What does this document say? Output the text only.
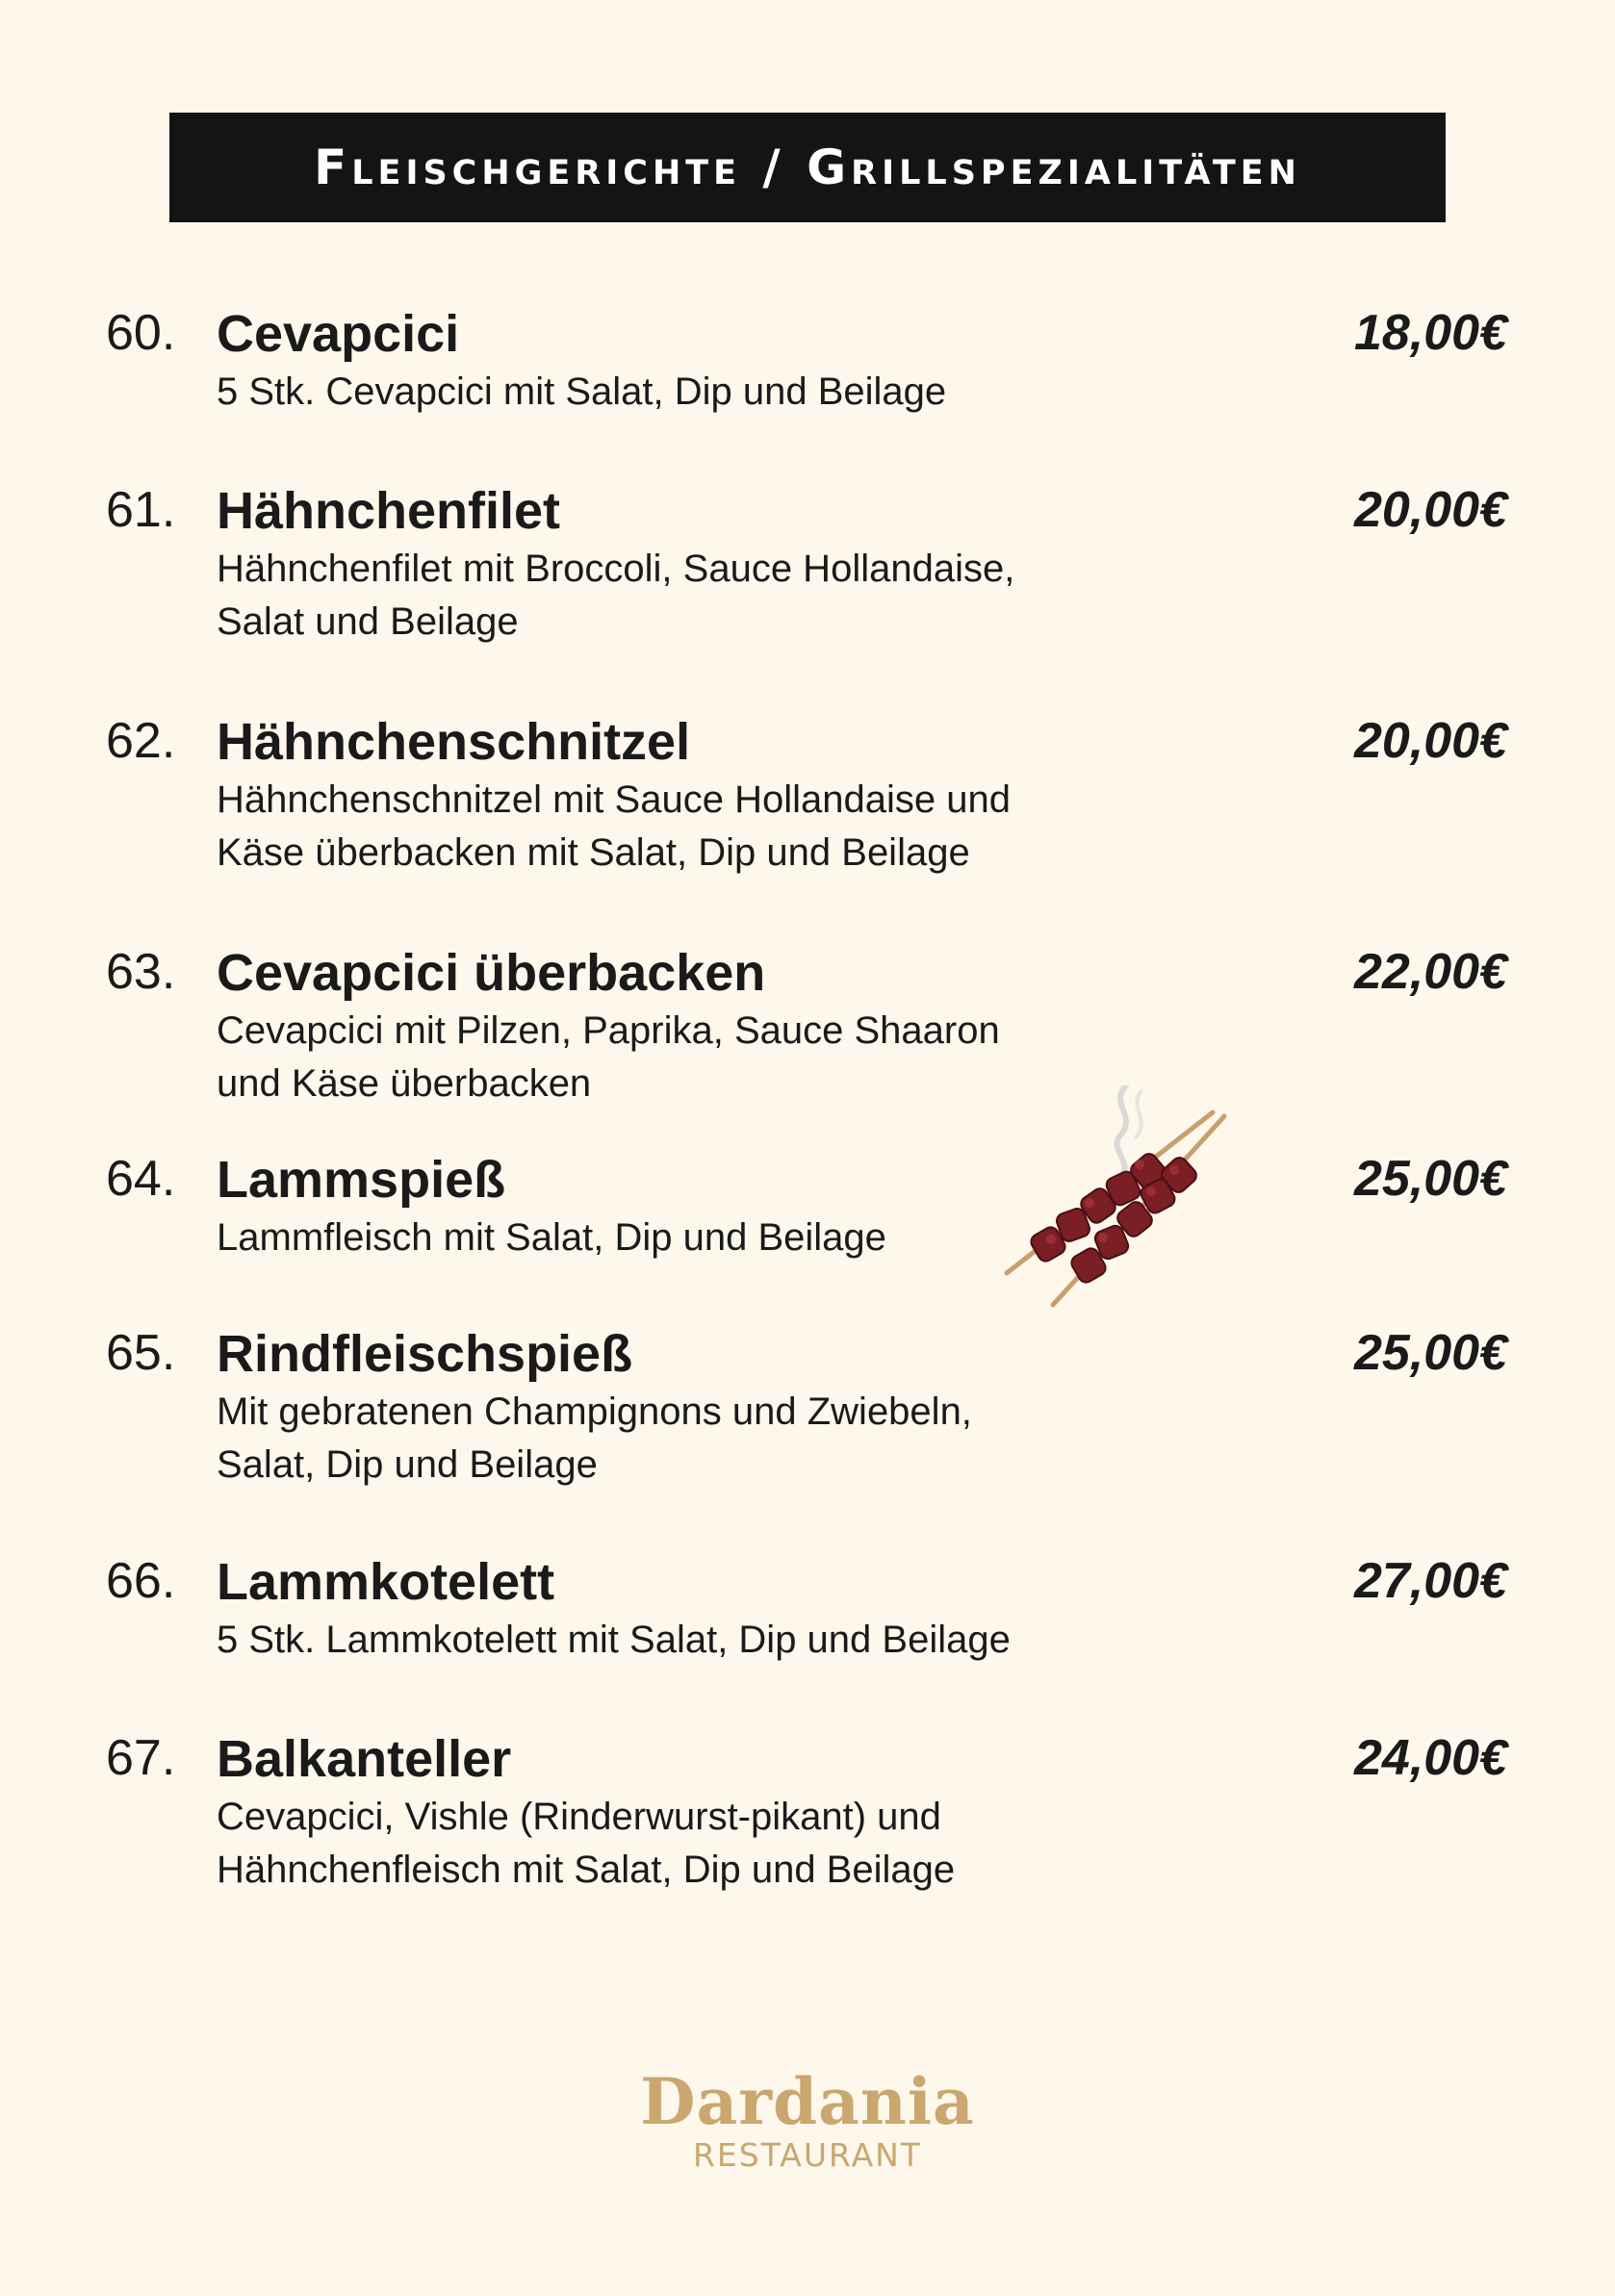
Fleischgerichte / Grillspezialitäten
60. Cevapcici	18,00€
5 Stk. Cevapcici mit Salat, Dip und Beilage
61. Hähnchenfilet	20,00€
Hähnchenfilet mit Broccoli, Sauce Hollandaise,
Salat und Beilage
62. Hähnchenschnitzel	20,00€
Hähnchenschnitzel mit Sauce Hollandaise und
Käse überbacken mit Salat, Dip und Beilage
63. Cevapcici überbacken	22,00€
Cevapcici mit Pilzen, Paprika, Sauce Shaaron
und Käse überbacken
64. Lammspieß	25,00€
Lammfleisch mit Salat, Dip und Beilage
65. Rindfleischspieß	25,00€
Mit gebratenen Champignons und Zwiebeln,
Salat, Dip und Beilage
66. Lammkotelett	27,00€
5 Stk. Lammkotelett mit Salat, Dip und Beilage
67. Balkanteller	24,00€
Cevapcici, Vishle (Rinderwurst-pikant) und
Hähnchenfleisch mit Salat, Dip und Beilage
Dardania
RESTAURANT
